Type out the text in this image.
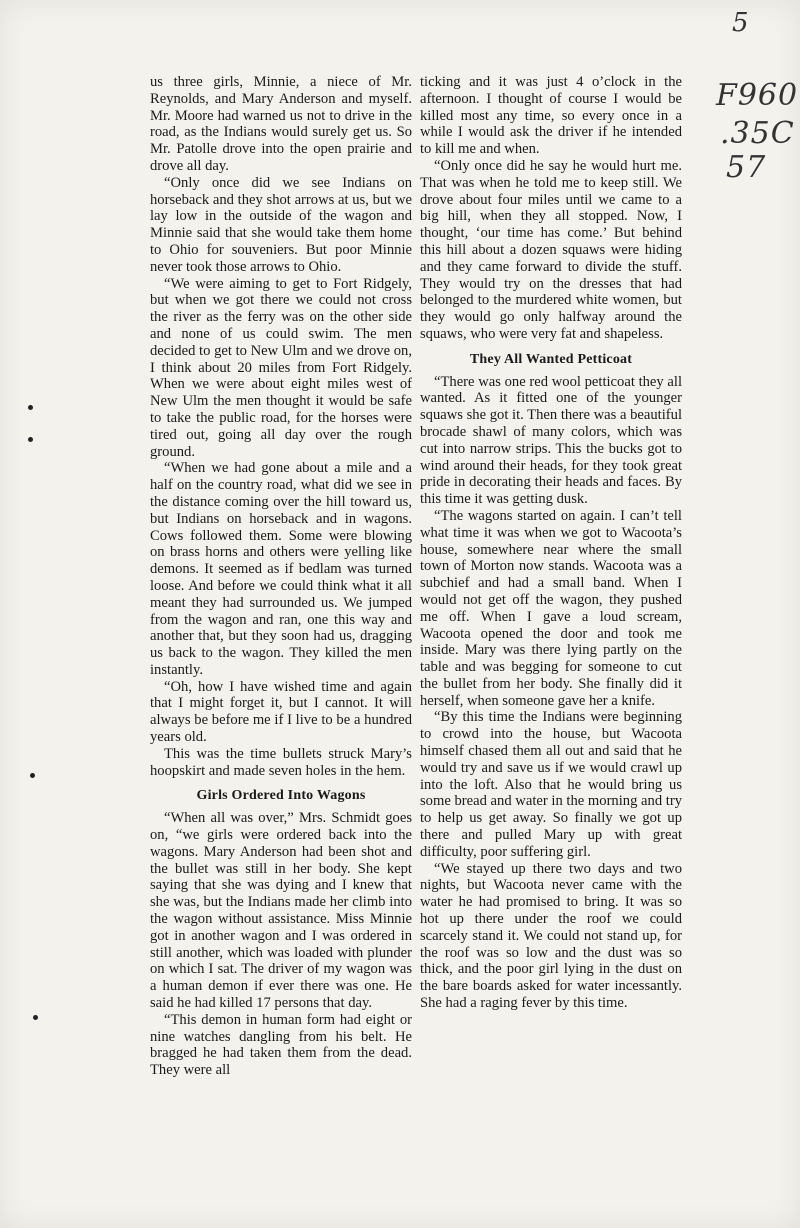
5
F960
.35C
57

us three girls, Minnie, a niece of Mr. Reynolds, and Mary Anderson and myself. Mr. Moore had warned us not to drive in the road, as the Indians would surely get us. So Mr. Patolle drove into the open prairie and drove all day.

“Only once did we see Indians on horseback and they shot arrows at us, but we lay low in the outside of the wagon and Minnie said that she would take them home to Ohio for souveniers. But poor Minnie never took those arrows to Ohio.

“We were aiming to get to Fort Ridgely, but when we got there we could not cross the river as the ferry was on the other side and none of us could swim. The men decided to get to New Ulm and we drove on, I think about 20 miles from Fort Ridgely. When we were about eight miles west of New Ulm the men thought it would be safe to take the public road, for the horses were tired out, going all day over the rough ground.

“When we had gone about a mile and a half on the country road, what did we see in the distance coming over the hill toward us, but Indians on horseback and in wagons. Cows followed them. Some were blowing on brass horns and others were yelling like demons. It seemed as if bedlam was turned loose. And before we could think what it all meant they had surrounded us. We jumped from the wagon and ran, one this way and another that, but they soon had us, dragging us back to the wagon. They killed the men instantly.

“Oh, how I have wished time and again that I might forget it, but I cannot. It will always be before me if I live to be a hundred years old.

This was the time bullets struck Mary’s hoopskirt and made seven holes in the hem.

Girls Ordered Into Wagons

“When all was over,” Mrs. Schmidt goes on, “we girls were ordered back into the wagons. Mary Anderson had been shot and the bullet was still in her body. She kept saying that she was dying and I knew that she was, but the Indians made her climb into the wagon without assistance. Miss Minnie got in another wagon and I was ordered in still another, which was loaded with plunder on which I sat. The driver of my wagon was a human demon if ever there was one. He said he had killed 17 persons that day.

“This demon in human form had eight or nine watches dangling from his belt. He bragged he had taken them from the dead. They were all

ticking and it was just 4 o’clock in the afternoon. I thought of course I would be killed most any time, so every once in a while I would ask the driver if he intended to kill me and when.

“Only once did he say he would hurt me. That was when he told me to keep still. We drove about four miles until we came to a big hill, when they all stopped. Now, I thought, ‘our time has come.’ But behind this hill about a dozen squaws were hiding and they came forward to divide the stuff. They would try on the dresses that had belonged to the murdered white women, but they would go only halfway around the squaws, who were very fat and shapeless.

They All Wanted Petticoat

“There was one red wool petticoat they all wanted. As it fitted one of the younger squaws she got it. Then there was a beautiful brocade shawl of many colors, which was cut into narrow strips. This the bucks got to wind around their heads, for they took great pride in decorating their heads and faces. By this time it was getting dusk.

“The wagons started on again. I can’t tell what time it was when we got to Wacoota’s house, somewhere near where the small town of Morton now stands. Wacoota was a subchief and had a small band. When I would not get off the wagon, they pushed me off. When I gave a loud scream, Wacoota opened the door and took me inside. Mary was there lying partly on the table and was begging for someone to cut the bullet from her body. She finally did it herself, when someone gave her a knife.

“By this time the Indians were beginning to crowd into the house, but Wacoota himself chased them all out and said that he would try and save us if we would crawl up into the loft. Also that he would bring us some bread and water in the morning and try to help us get away. So finally we got up there and pulled Mary up with great difficulty, poor suffering girl.

“We stayed up there two days and two nights, but Wacoota never came with the water he had promised to bring. It was so hot up there under the roof we could scarcely stand it. We could not stand up, for the roof was so low and the dust was so thick, and the poor girl lying in the dust on the bare boards asked for water incessantly. She had a raging fever by this time.
